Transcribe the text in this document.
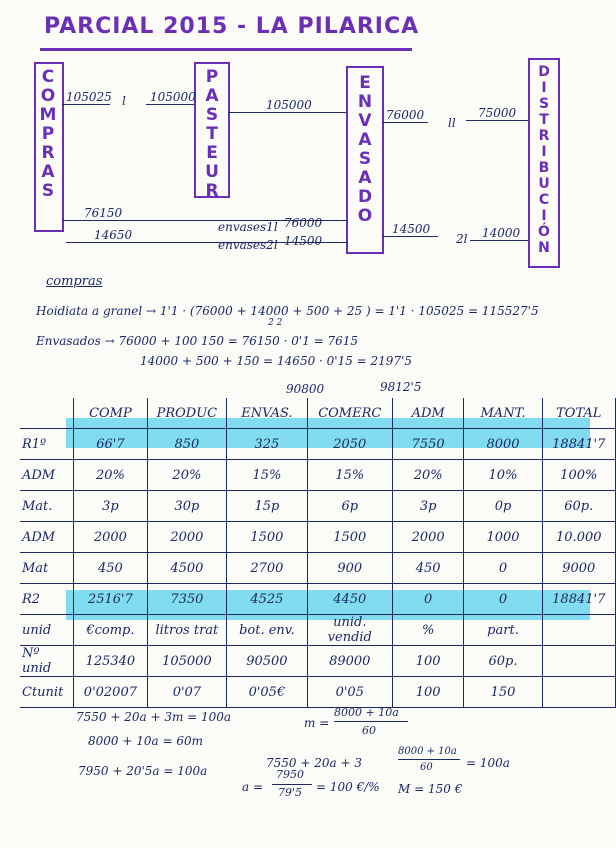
PARCIAL 2015 - LA PILARICA
C
O
M
P
R
A
S
P
A
S
T
E
U
R
E
N
V
A
S
A
D
O
D
I
S
T
R
I
B
U
C
I
Ó
N
105025 l 105000
105000
76000
ll
75000
76150
14650
envases1l
envases2l
76000
14500
14500
2l 14000
compras
Hoidiata a granel → 1'1 · (76000 + 14000 + 500 + 25 ) = 1'1 · 105025 = 115527'5
2 2
Envasados → 76000 + 100 150 = 76150 · 0'1 = 7615
14000 + 500 + 150 = 14650 · 0'15 = 2197'5
90800	9812'5
	COMP	PRODUC	ENVAS.	COMERC	ADM	MANT.	TOTAL
R1º	66'7	850	325	2050	7550	8000	18841'7
ADM	20%	20%	15%	15%	20%	10%	100%
Mat.	3p	30p	15p	6p	3p	0p	60p.
ADM	2000	2000	1500	1500	2000	1000	10.000
Mat	450	4500	2700	900	450	0	9000
R2	2516'7	7350	4525	4450	0	0	18841'7
unid	€comp.	litros trat	bot. env.	unid. vendid	%	part.	
Nº unid	125340	105000	90500	89000	100	60p.	
Ctunit	0'02007	0'07	0'05€	0'05	100	150	
7550 + 20a + 3m = 100a
8000 + 10a = 60m
7950 + 20'5a = 100a
m =
8000 + 10a
60
7550 + 20a + 3
8000 + 10a
60	= 100a
a =
7950
79'5 = 100 €/% M = 150 €
